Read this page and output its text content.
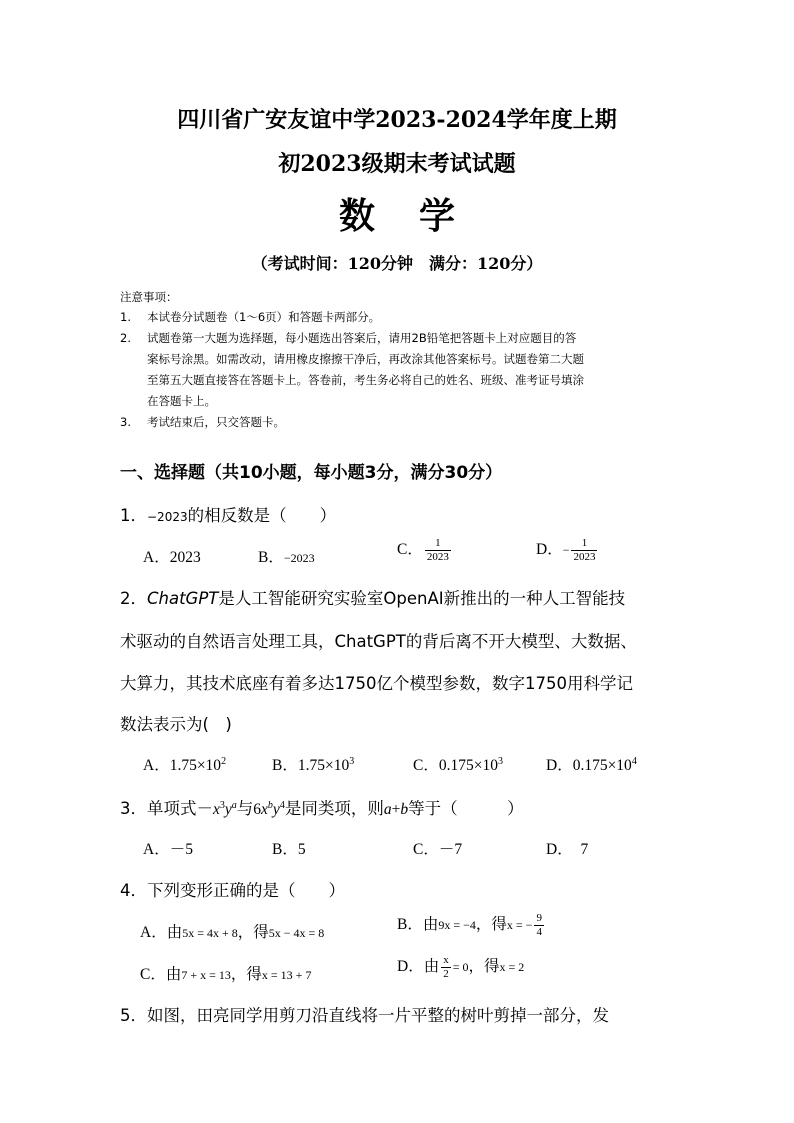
四川省广安友谊中学2023-2024学年度上期
初2023级期末考试试题
数学
（考试时间：120分钟　满分：120分）
注意事项：
1. 本试卷分试题卷（1～6页）和答题卡两部分。
2. 试题卷第一大题为选择题，每小题选出答案后，请用2B铅笔把答题卡上对应题目的答
案标号涂黑。如需改动，请用橡皮擦擦干净后，再改涂其他答案标号。试题卷第二大题
至第五大题直接答在答题卡上。答卷前，考生务必将自己的姓名、班级、准考证号填涂
在答题卡上。
3. 考试结束后，只交答题卡。
一、选择题（共10小题，每小题3分，满分30分）
1．−2023的相反数是（　　）
A．2023	B．−2023	C． $\frac{1}{2023}$	D．− $\frac{1}{2023}$
2．ChatGPT是人工智能研究实验室OpenAI新推出的一种人工智能技
术驱动的自然语言处理工具，ChatGPT的背后离不开大模型、大数据、
大算力，其技术底座有着多达1750亿个模型参数，数字1750用科学记
数法表示为(　)
A．$1.75\times 10^2$	B．$1.75\times 10^3$	C．$0.175\times 10^3$	D．$0.175\times 10^4$
3．单项式$-x^3y^a$与$6x^by^4$是同类项，则a+b等于（　　　）
A．－5	B．5	C．－7	D．　7
4．下列变形正确的是（　　）
A．由5x = 4x + 8，得5x − 4x = 8	B．由9x = −4，得x = − $\frac{9}{4}$
C．由7 + x = 13，得x = 13 + 7	D．由 $\frac{x}{2} = 0$，得x = 2
5．如图，田亮同学用剪刀沿直线将一片平整的树叶剪掉一部分，发
